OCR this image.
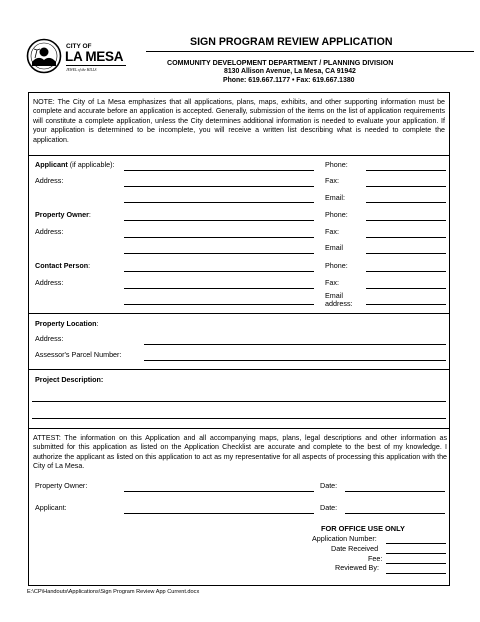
CITY OF
LA MESA
JEWEL of the HILLS
SIGN PROGRAM REVIEW APPLICATION
COMMUNITY DEVELOPMENT DEPARTMENT / PLANNING DIVISION
8130 Allison Avenue, La Mesa, CA 91942
Phone: 619.667.1177 • Fax: 619.667.1380
NOTE: The City of La Mesa emphasizes that all applications, plans, maps, exhibits, and other supporting information must be complete and accurate before an application is accepted. Generally, submission of the items on the list of application requirements will constitute a complete application, unless the City determines additional information is needed to evaluate your application. If your application is determined to be incomplete, you will receive a written list describing what is needed to complete the application.
Applicant (if applicable):	Phone:
Address:	Fax:
Email:
Property Owner:	Phone:
Address:	Fax:
Email
Contact Person:	Phone:
Address:	Fax:
Email
address:
Property Location:
Address:
Assessor's Parcel Number:
Project Description:
ATTEST: The information on this Application and all accompanying maps, plans, legal descriptions and other information as submitted for this application as listed on the Application Checklist are accurate and complete to the best of my knowledge. I authorize the applicant as listed on this application to act as my representative for all aspects of processing this application with the City of La Mesa.
Property Owner:	Date:
Applicant:	Date:
FOR OFFICE USE ONLY
Application Number:
Date Received
Fee:
Reviewed By:
E:\CP\Handouts\Applications\Sign Program Review App Current.docx
